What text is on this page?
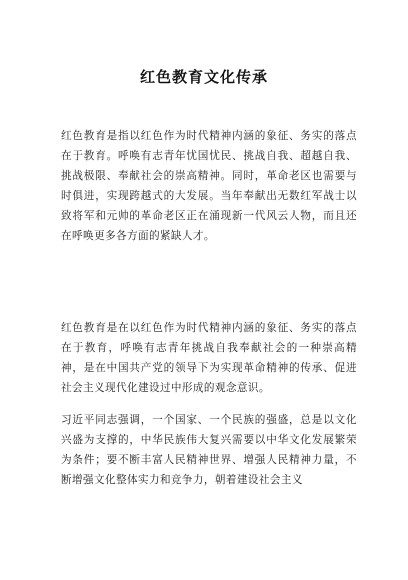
红色教育文化传承

红色教育是指以红色作为时代精神内涵的象征、务实的落点在于教育。呼唤有志青年忧国忧民、挑战自我、超越自我、挑战极限、奉献社会的崇高精神。同时，革命老区也需要与时俱进，实现跨越式的大发展。当年奉献出无数红军战士以致将军和元帅的革命老区正在涌现新一代风云人物，而且还在呼唤更多各方面的紧缺人才。

红色教育是在以红色作为时代精神内涵的象征、务实的落点在于教育，呼唤有志青年挑战自我奉献社会的一种崇高精神，是在中国共产党的领导下为实现革命精神的传承、促进社会主义现代化建设过中形成的观念意识。

习近平同志强调，一个国家、一个民族的强盛，总是以文化兴盛为支撑的，中华民族伟大复兴需要以中华文化发展繁荣为条件；要不断丰富人民精神世界、增强人民精神力量，不断增强文化整体实力和竞争力，朝着建设社会主义
